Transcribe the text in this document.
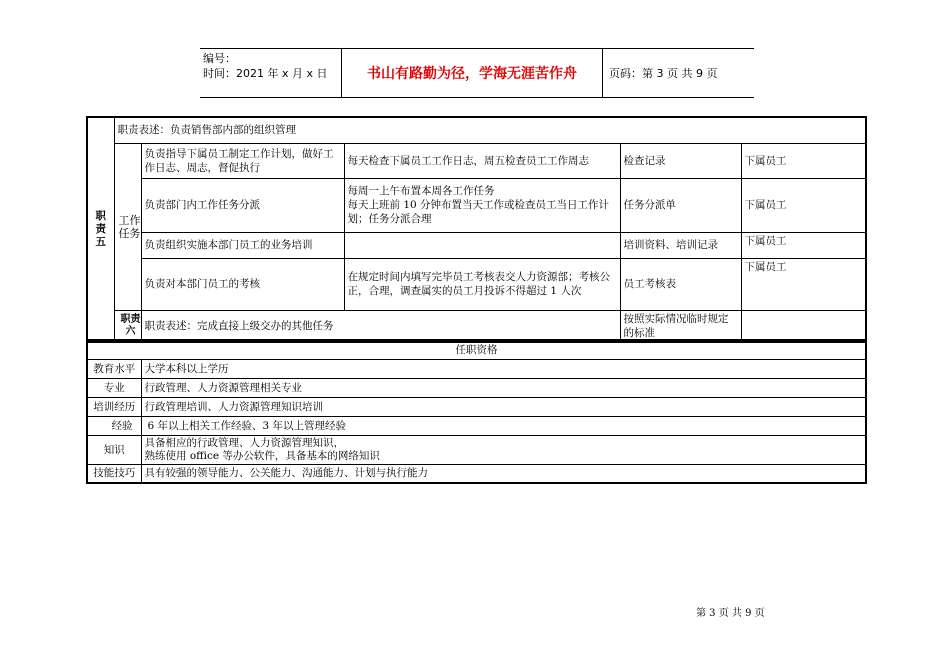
编号：
时间：2021 年 x 月 x 日	书山有路勤为径，学海无涯苦作舟	页码：第 3 页 共 9 页
职责五	职责表述：负责销售部内部的组织管理					

	工作任务	负责指导下属员工制定工作计划，做好工作日志、周志，督促执行	每天检查下属员工工作日志，周五检查员工工作周志	检查记录	下属员工	
		负责部门内工作任务分派	每周一上午布置本周各工作任务
每天上班前 10 分钟布置当天工作或检查员工当日工作计划；任务分派合理	任务分派单	下属员工	
		负责组织实施本部门员工的业务培训		培训资料、培训记录	下属员工	
		负责对本部门员工的考核	在规定时间内填写完毕员工考核表交人力资源部；考核公正，合理，调查属实的员工月投诉不得超过 1 人次	员工考核表	下属员工	

	职责六	职责表述：完成直接上级交办的其他任务		按照实际情况临时规定的标准		
任职资格	
教育水平	大学本科以上学历
专业	行政管理、人力资源管理相关专业
培训经历	行政管理培训、人力资源管理知识培训
经验	6 年以上相关工作经验、3 年以上管理经验
知识	具备相应的行政管理、人力资源管理知识，
熟练使用 office 等办公软件，具备基本的网络知识
技能技巧	具有较强的领导能力、公关能力、沟通能力、计划与执行能力
第 3 页 共 9 页
